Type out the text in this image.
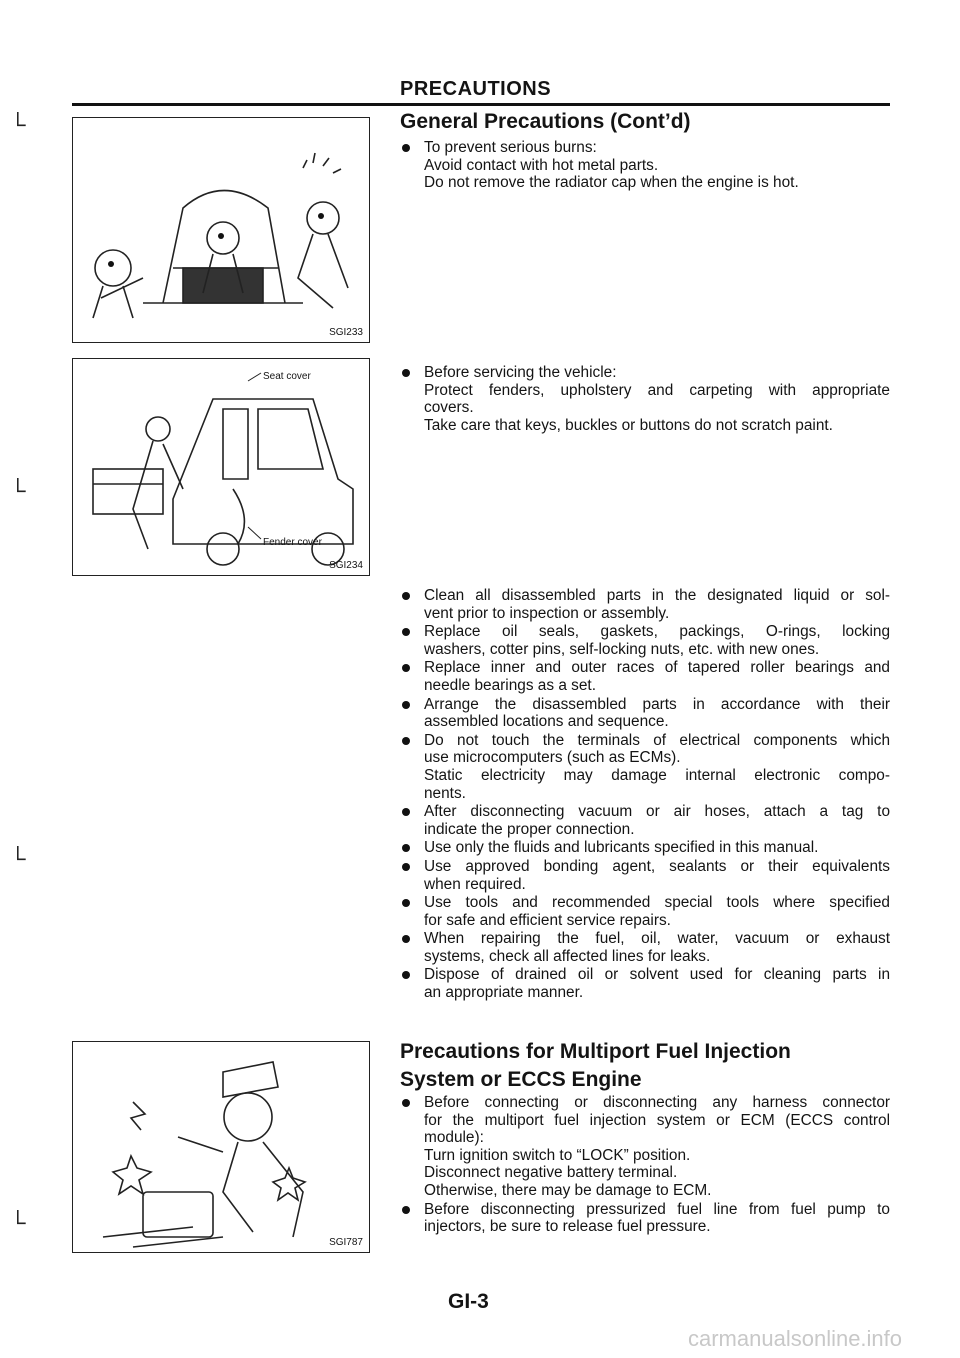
PRECAUTIONS
General Precautions (Cont’d)
└
└
└
└
SGI233
Seat cover
Fender cover
SGI234
SGI787
To prevent serious burns:
Avoid contact with hot metal parts.
Do not remove the radiator cap when the engine is hot.
Before servicing the vehicle:
Protect fenders, upholstery and carpeting with appropriate
covers.
Take care that keys, buckles or buttons do not scratch paint.
Clean all disassembled parts in the designated liquid or sol-
vent prior to inspection or assembly.
Replace oil seals, gaskets, packings, O-rings, locking
washers, cotter pins, self-locking nuts, etc. with new ones.
Replace inner and outer races of tapered roller bearings and
needle bearings as a set.
Arrange the disassembled parts in accordance with their
assembled locations and sequence.
Do not touch the terminals of electrical components which
use microcomputers (such as ECMs).
Static electricity may damage internal electronic compo-
nents.
After disconnecting vacuum or air hoses, attach a tag to
indicate the proper connection.
Use only the fluids and lubricants specified in this manual.
Use approved bonding agent, sealants or their equivalents
when required.
Use tools and recommended special tools where specified
for safe and efficient service repairs.
When repairing the fuel, oil, water, vacuum or exhaust
systems, check all affected lines for leaks.
Dispose of drained oil or solvent used for cleaning parts in
an appropriate manner.
Precautions for Multiport Fuel Injection
System or ECCS Engine
Before connecting or disconnecting any harness connector
for the multiport fuel injection system or ECM (ECCS control
module):
Turn ignition switch to “LOCK” position.
Disconnect negative battery terminal.
Otherwise, there may be damage to ECM.
Before disconnecting pressurized fuel line from fuel pump to
injectors, be sure to release fuel pressure.
GI-3
carmanualsonline.info
